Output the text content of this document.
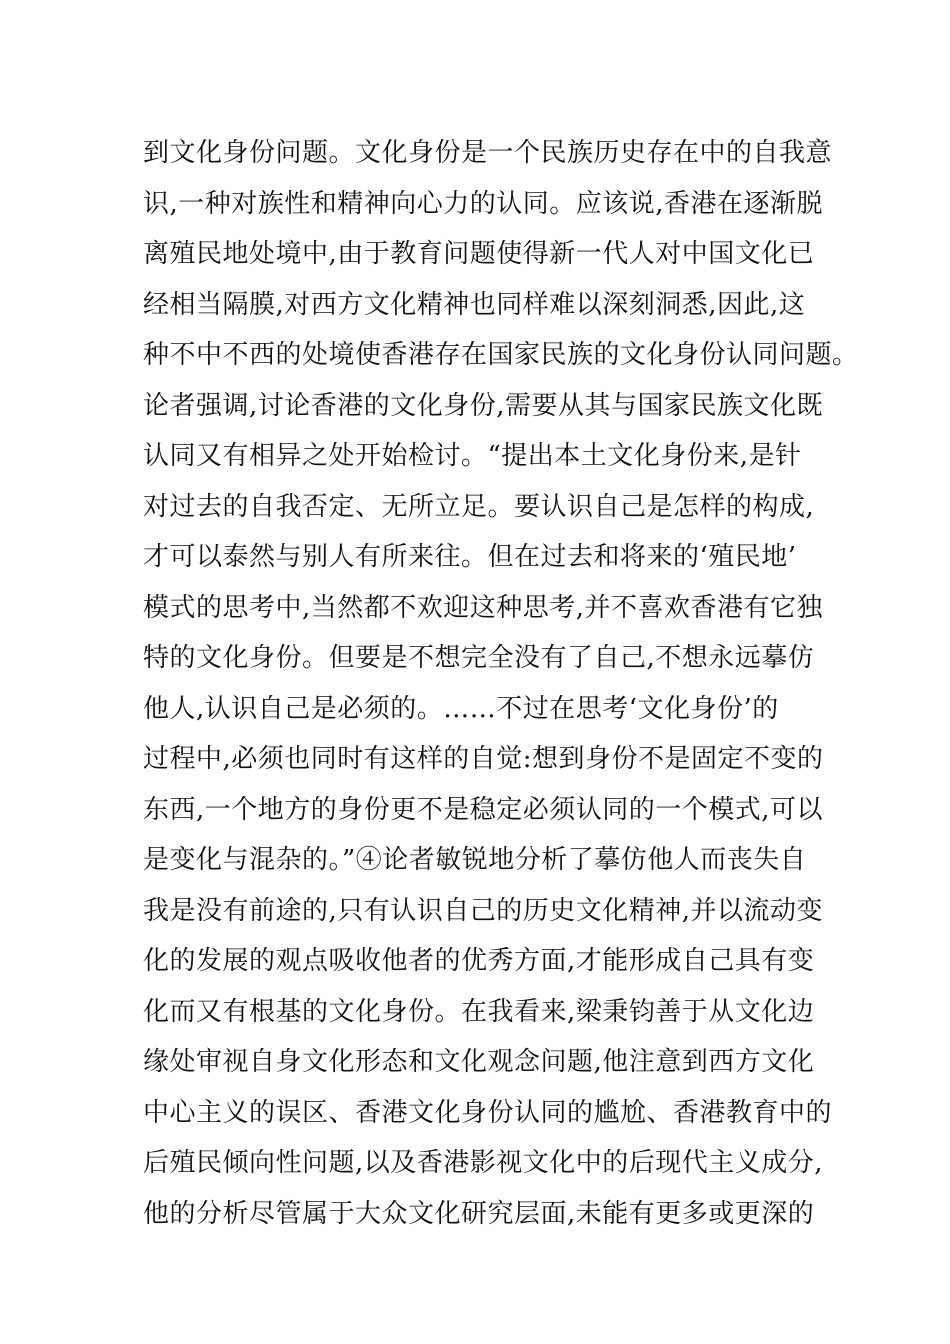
到文化身份问题。文化身份是一个民族历史存在中的自我意
识,一种对族性和精神向心力的认同。应该说,香港在逐渐脱
离殖民地处境中,由于教育问题使得新一代人对中国文化已
经相当隔膜,对西方文化精神也同样难以深刻洞悉,因此,这
种不中不西的处境使香港存在国家民族的文化身份认同问题。
论者强调,讨论香港的文化身份,需要从其与国家民族文化既
认同又有相异之处开始检讨。“提出本土文化身份来,是针
对过去的自我否定、无所立足。要认识自己是怎样的构成,
才可以泰然与别人有所来往。但在过去和将来的‘殖民地’
模式的思考中,当然都不欢迎这种思考,并不喜欢香港有它独
特的文化身份。但要是不想完全没有了自己,不想永远摹仿
他人,认识自己是必须的。……不过在思考‘文化身份’的
过程中,必须也同时有这样的自觉:想到身份不是固定不变的
东西,一个地方的身份更不是稳定必须认同的一个模式,可以
是变化与混杂的。”④论者敏锐地分析了摹仿他人而丧失自
我是没有前途的,只有认识自己的历史文化精神,并以流动变
化的发展的观点吸收他者的优秀方面,才能形成自己具有变
化而又有根基的文化身份。在我看来,梁秉钧善于从文化边
缘处审视自身文化形态和文化观念问题,他注意到西方文化
中心主义的误区、香港文化身份认同的尴尬、香港教育中的
后殖民倾向性问题,以及香港影视文化中的后现代主义成分,
他的分析尽管属于大众文化研究层面,未能有更多或更深的
